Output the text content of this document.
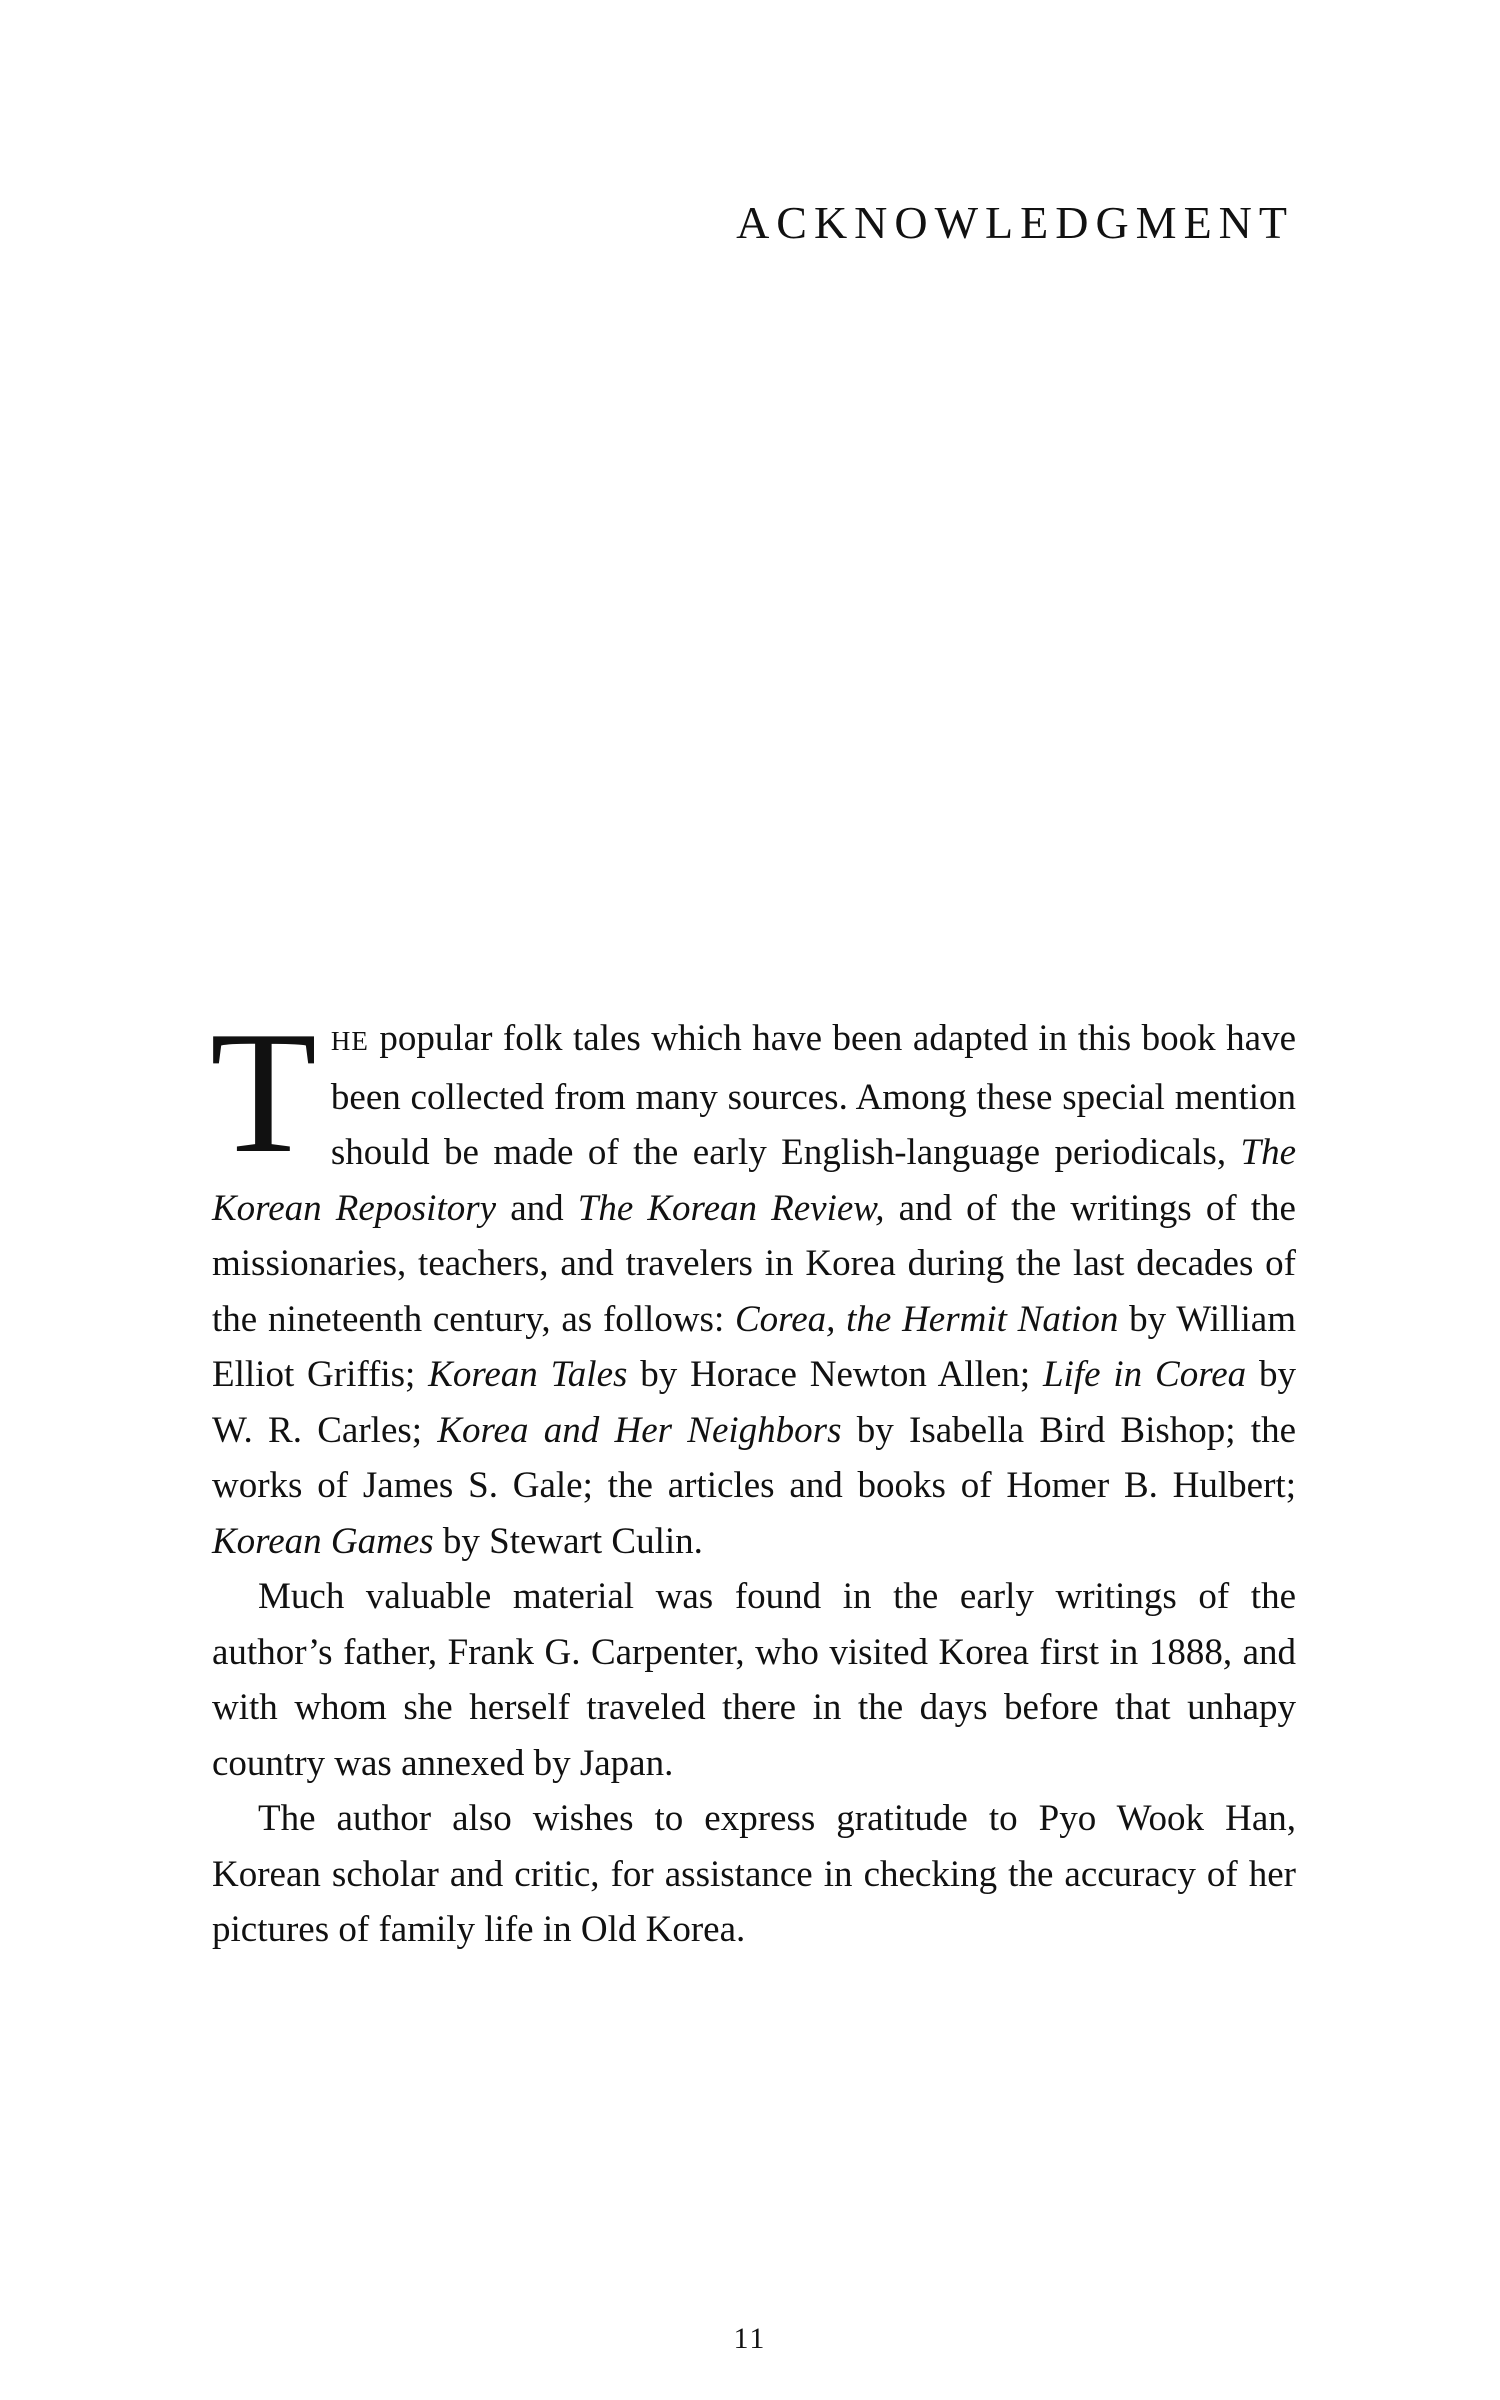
ACKNOWLEDGMENT

THE popular folk tales which have been adapted in this book have been collected from many sources. Among these special mention should be made of the early English-language periodicals, The Korean Repository and The Korean Review, and of the writings of the missionaries, teachers, and travelers in Korea during the last decades of the nineteenth century, as follows: Corea, the Hermit Nation by William Elliot Griffis; Korean Tales by Horace Newton Allen; Life in Corea by W. R. Carles; Korea and Her Neighbors by Isabella Bird Bishop; the works of James S. Gale; the articles and books of Homer B. Hulbert; Korean Games by Stewart Culin.

Much valuable material was found in the early writings of the author’s father, Frank G. Carpenter, who visited Korea first in 1888, and with whom she herself traveled there in the days before that unhapy country was annexed by Japan.

The author also wishes to express gratitude to Pyo Wook Han, Korean scholar and critic, for assistance in checking the accuracy of her pictures of family life in Old Korea.

11
